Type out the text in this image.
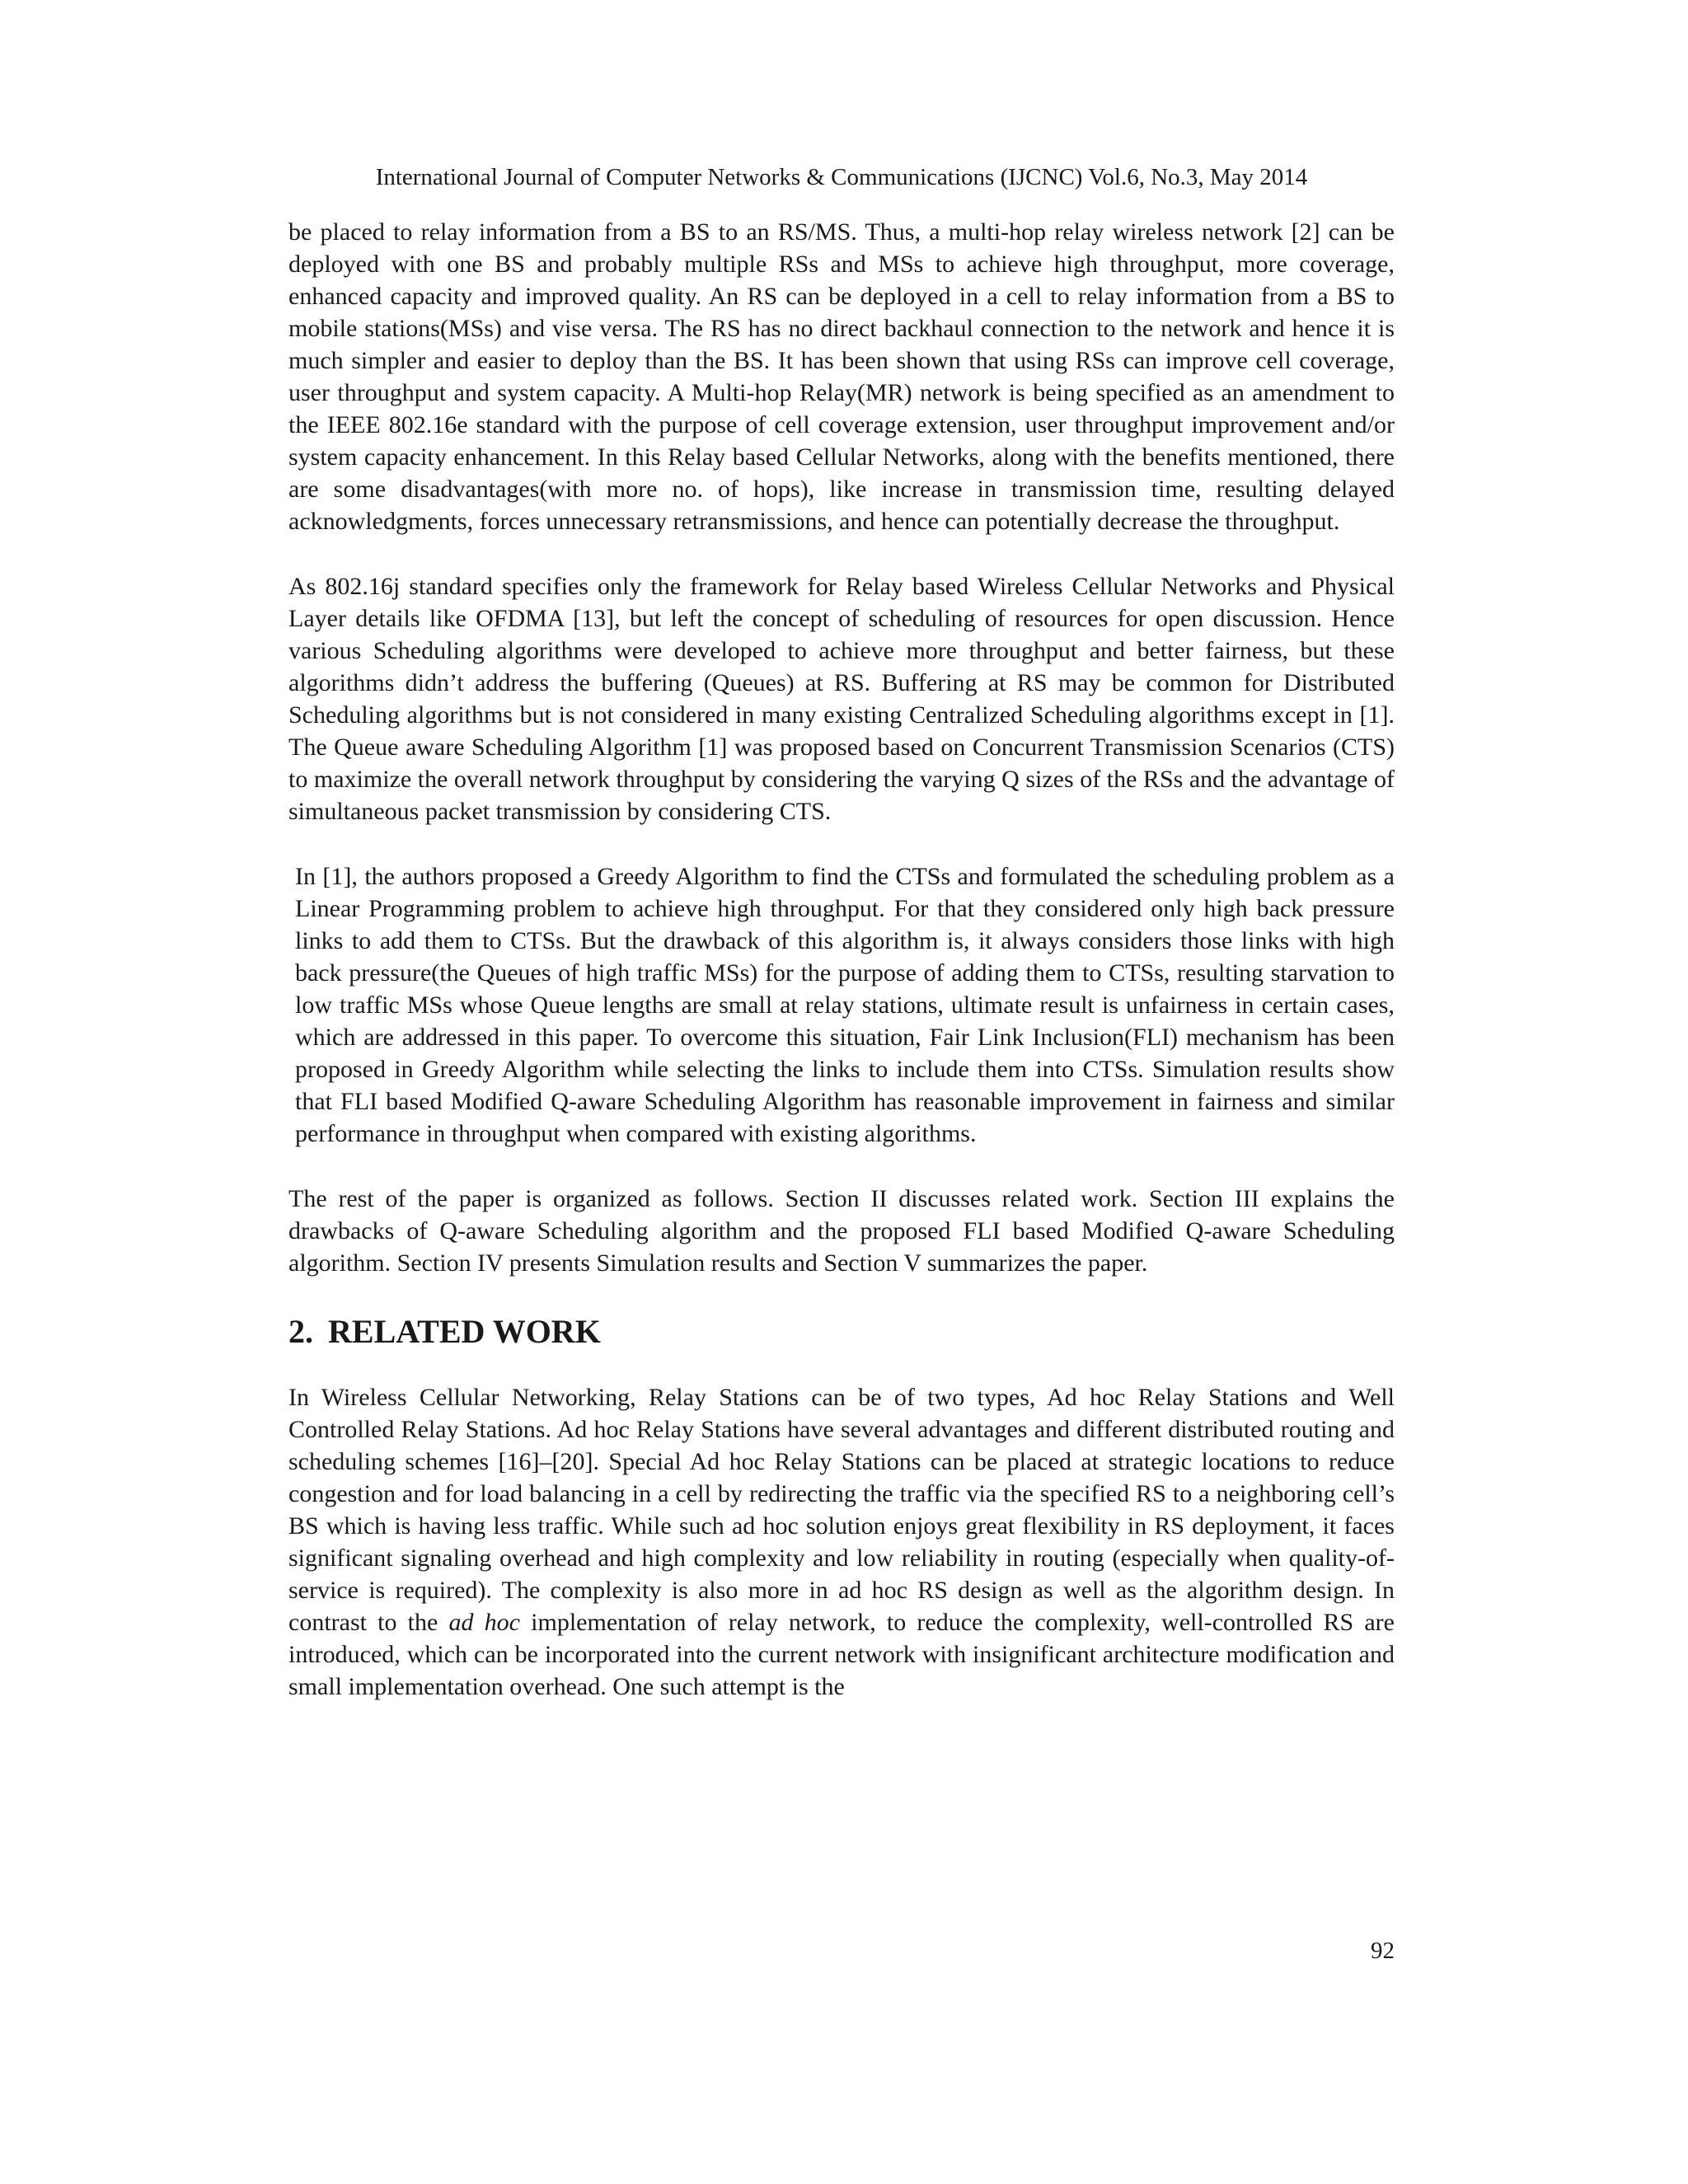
International Journal of Computer Networks & Communications (IJCNC) Vol.6, No.3, May 2014

be placed to relay information from a BS to an RS/MS. Thus, a multi-hop relay wireless network [2] can be deployed with one BS and probably multiple RSs and MSs to achieve high throughput, more coverage, enhanced capacity and improved quality. An RS can be deployed in a cell to relay information from a BS to mobile stations(MSs) and vise versa. The RS has no direct backhaul connection to the network and hence it is much simpler and easier to deploy than the BS. It has been shown that using RSs can improve cell coverage, user throughput and system capacity. A Multi-hop Relay(MR) network is being specified as an amendment to the IEEE 802.16e standard with the purpose of cell coverage extension, user throughput improvement and/or system capacity enhancement. In this Relay based Cellular Networks, along with the benefits mentioned, there are some disadvantages(with more no. of hops), like increase in transmission time, resulting delayed acknowledgments, forces unnecessary retransmissions, and hence can potentially decrease the throughput.

As 802.16j standard specifies only the framework for Relay based Wireless Cellular Networks and Physical Layer details like OFDMA [13], but left the concept of scheduling of resources for open discussion. Hence various Scheduling algorithms were developed to achieve more throughput and better fairness, but these algorithms didn’t address the buffering (Queues) at RS. Buffering at RS may be common for Distributed Scheduling algorithms but is not considered in many existing Centralized Scheduling algorithms except in [1]. The Queue aware Scheduling Algorithm [1] was proposed based on Concurrent Transmission Scenarios (CTS) to maximize the overall network throughput by considering the varying Q sizes of the RSs and the advantage of simultaneous packet transmission by considering CTS.

In [1], the authors proposed a Greedy Algorithm to find the CTSs and formulated the scheduling problem as a Linear Programming problem to achieve high throughput. For that they considered only high back pressure links to add them to CTSs. But the drawback of this algorithm is, it always considers those links with high back pressure(the Queues of high traffic MSs) for the purpose of adding them to CTSs, resulting starvation to low traffic MSs whose Queue lengths are small at relay stations, ultimate result is unfairness in certain cases, which are addressed in this paper. To overcome this situation, Fair Link Inclusion(FLI) mechanism has been proposed in Greedy Algorithm while selecting the links to include them into CTSs. Simulation results show that FLI based Modified Q-aware Scheduling Algorithm has reasonable improvement in fairness and similar performance in throughput when compared with existing algorithms.

The rest of the paper is organized as follows. Section II discusses related work. Section III explains the drawbacks of Q-aware Scheduling algorithm and the proposed FLI based Modified Q-aware Scheduling algorithm. Section IV presents Simulation results and Section V summarizes the paper.

2. RELATED WORK

In Wireless Cellular Networking, Relay Stations can be of two types, Ad hoc Relay Stations and Well Controlled Relay Stations. Ad hoc Relay Stations have several advantages and different distributed routing and scheduling schemes [16]–[20]. Special Ad hoc Relay Stations can be placed at strategic locations to reduce congestion and for load balancing in a cell by redirecting the traffic via the specified RS to a neighboring cell’s BS which is having less traffic. While such ad hoc solution enjoys great flexibility in RS deployment, it faces significant signaling overhead and high complexity and low reliability in routing (especially when quality-of-service is required). The complexity is also more in ad hoc RS design as well as the algorithm design. In contrast to the ad hoc implementation of relay network, to reduce the complexity, well-controlled RS are introduced, which can be incorporated into the current network with insignificant architecture modification and small implementation overhead. One such attempt is the

92
